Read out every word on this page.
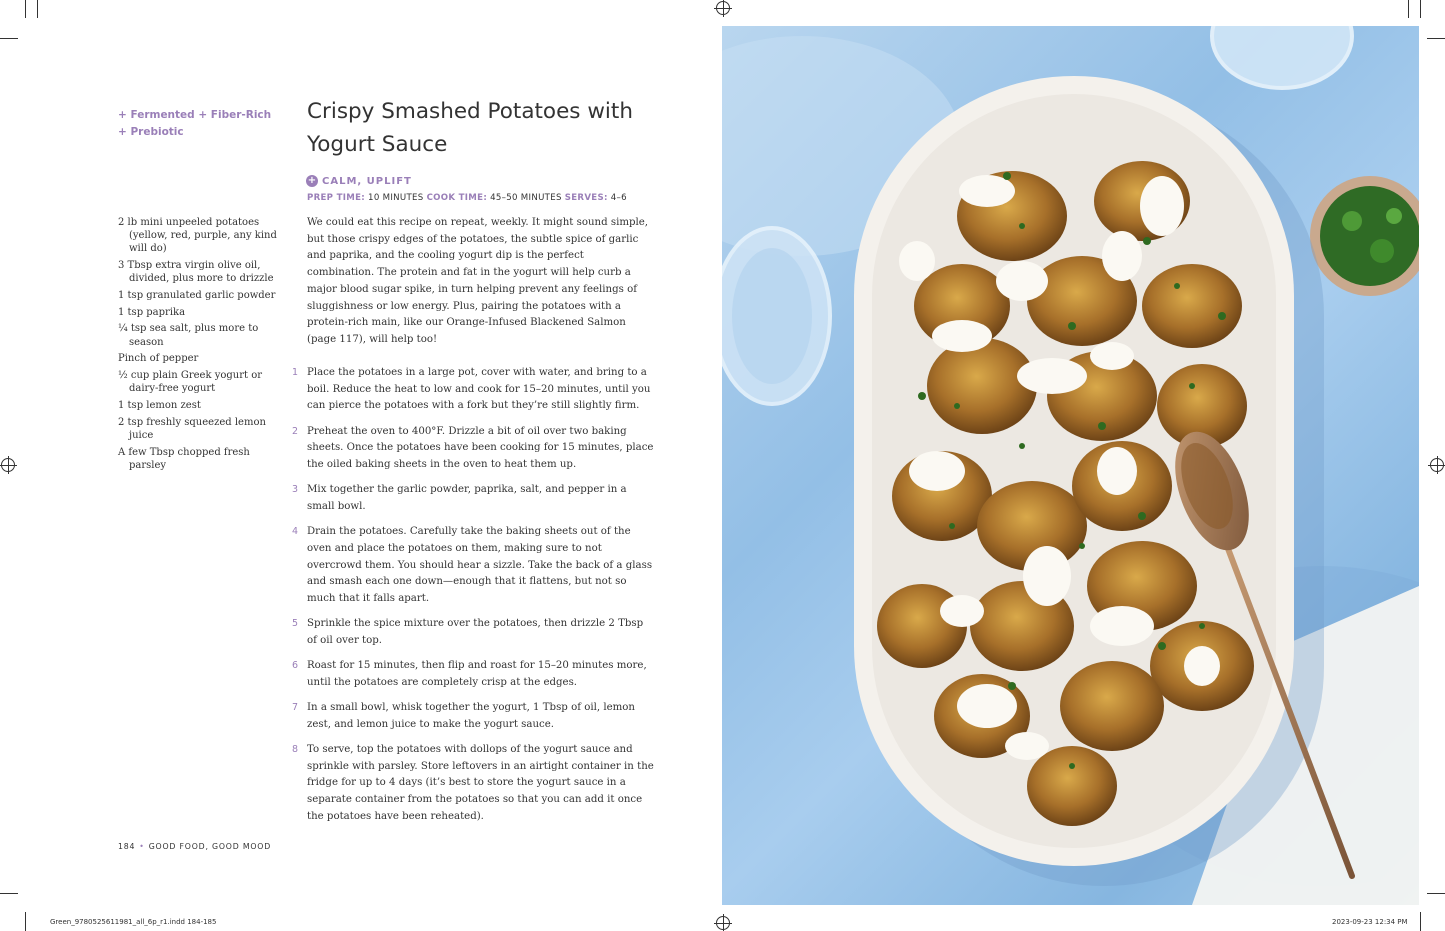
+ Fermented + Fiber-Rich
+ Prebiotic
2 lb mini unpeeled potatoes (yellow, red, purple, any kind will do)
3 Tbsp extra virgin olive oil, divided, plus more to drizzle
1 tsp granulated garlic powder
1 tsp paprika
¼ tsp sea salt, plus more to season
Pinch of pepper
½ cup plain Greek yogurt or dairy-free yogurt
1 tsp lemon zest
2 tsp freshly squeezed lemon juice
A few Tbsp chopped fresh parsley
Crispy Smashed Potatoes with Yogurt Sauce
+ CALM, UPLIFT
PREP TIME: 10 MINUTES COOK TIME: 45–50 MINUTES SERVES: 4–6

We could eat this recipe on repeat, weekly. It might sound simple, but those crispy edges of the potatoes, the subtle spice of garlic and paprika, and the cooling yogurt dip is the perfect combination. The protein and fat in the yogurt will help curb a major blood sugar spike, in turn helping prevent any feelings of sluggishness or low energy. Plus, pairing the potatoes with a protein-rich main, like our Orange-Infused Blackened Salmon (page 117), will help too!

1 Place the potatoes in a large pot, cover with water, and bring to a boil. Reduce the heat to low and cook for 15–20 minutes, until you can pierce the potatoes with a fork but they’re still slightly firm.
2 Preheat the oven to 400°F. Drizzle a bit of oil over two baking sheets. Once the potatoes have been cooking for 15 minutes, place the oiled baking sheets in the oven to heat them up.
3 Mix together the garlic powder, paprika, salt, and pepper in a small bowl.
4 Drain the potatoes. Carefully take the baking sheets out of the oven and place the potatoes on them, making sure to not overcrowd them. You should hear a sizzle. Take the back of a glass and smash each one down—enough that it flattens, but not so much that it falls apart.
5 Sprinkle the spice mixture over the potatoes, then drizzle 2 Tbsp of oil over top.
6 Roast for 15 minutes, then flip and roast for 15–20 minutes more, until the potatoes are completely crisp at the edges.
7 In a small bowl, whisk together the yogurt, 1 Tbsp of oil, lemon zest, and lemon juice to make the yogurt sauce.
8 To serve, top the potatoes with dollops of the yogurt sauce and sprinkle with parsley. Store leftovers in an airtight container in the fridge for up to 4 days (it’s best to store the yogurt sauce in a separate container from the potatoes so that you can add it once the potatoes have been reheated).
184 • GOOD FOOD, GOOD MOOD
Green_9780525611981_all_6p_r1.indd 184-185	2023-09-23 12:34 PM
